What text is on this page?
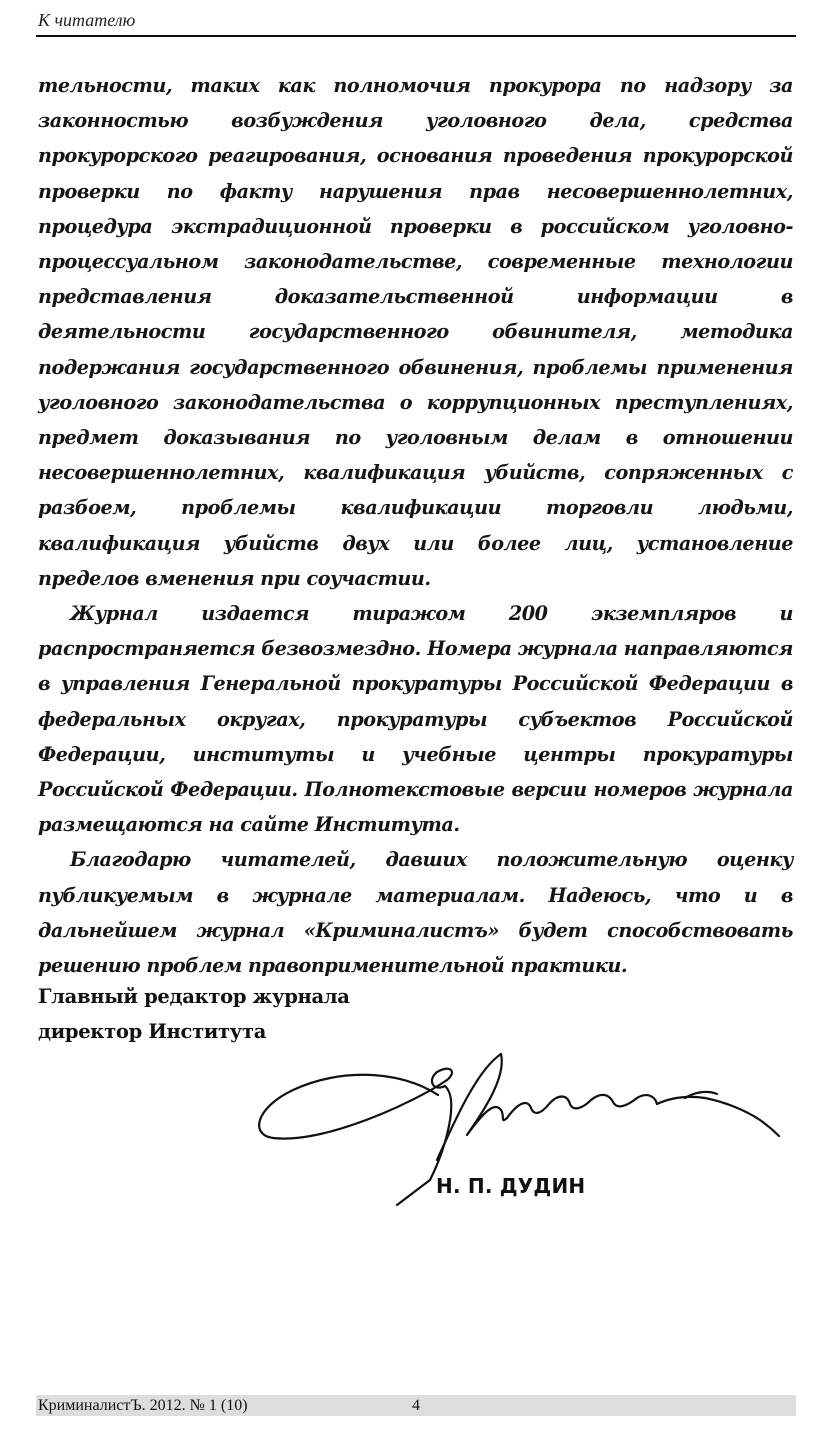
К читателю

тельности, таких как полномочия прокурора по надзору за законностью возбуждения уголовного дела, средства прокурорского реагирования, основания проведения прокурорской проверки по факту нарушения прав несовершеннолетних, процедура экстрадиционной проверки в российском уголовно-процессуальном законодательстве, современные технологии представления доказательственной информации в деятельности государственного обвинителя, методика подержания государственного обвинения, проблемы применения уголовного законодательства о коррупционных преступлениях, предмет доказывания по уголовным делам в отношении несовершеннолетних, квалификация убийств, сопряженных с разбоем, проблемы квалификации торговли людьми, квалификация убийств двух или более лиц, установление пределов вменения при соучастии.

Журнал издается тиражом 200 экземпляров и распространяется безвозмездно. Номера журнала направляются в управления Генеральной прокуратуры Российской Федерации в федеральных округах, прокуратуры субъектов Российской Федерации, институты и учебные центры прокуратуры Российской Федерации. Полнотекстовые версии номеров журнала размещаются на сайте Института.

Благодарю читателей, давших положительную оценку публикуемым в журнале материалам. Надеюсь, что и в дальнейшем журнал «Криминалистъ» будет способствовать решению проблем правоприменительной практики.

Главный редактор журнала
директор Института
Н. П. ДУДИН
КриминалистЪ. 2012. № 1 (10)	4
